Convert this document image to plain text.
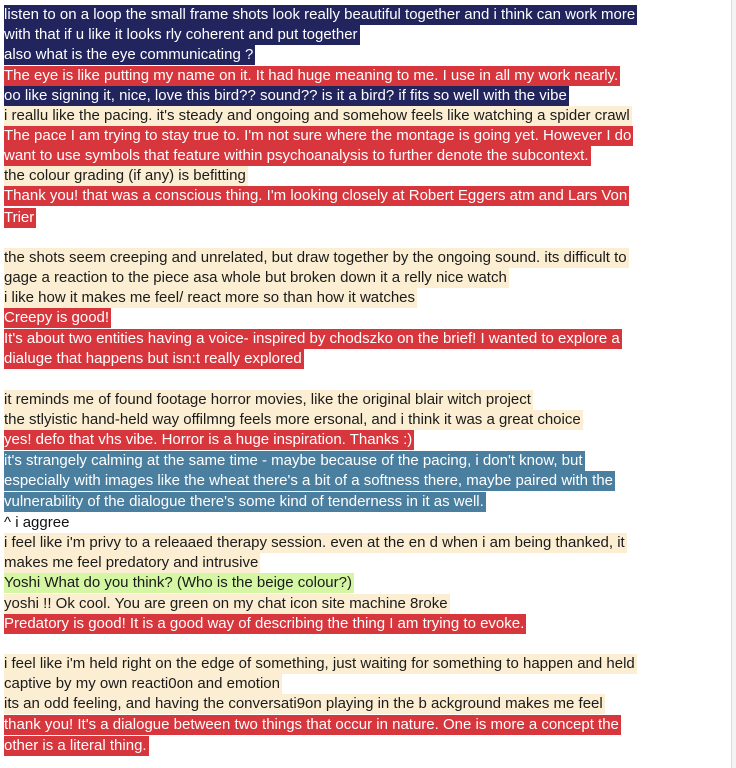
listen to on a loop the small frame shots look really beautiful together and i think can work more
with that if u like it looks rly coherent and put together
also what is the eye communicating ?
The eye is like putting my name on it. It had huge meaning to me. I use in all my work nearly.
oo like signing it, nice, love this bird?? sound?? is it a bird? if fits so well with the vibe
i reallu like the pacing. it's steady and ongoing and somehow feels like watching a spider crawl
The pace I am trying to stay true to. I'm not sure where the montage is going yet. However I do
want to use symbols that feature within psychoanalysis to further denote the subcontext.
the colour grading (if any) is befitting
Thank you! that was a conscious thing. I'm looking closely at Robert Eggers atm and Lars Von
Trier
the shots seem creeping and unrelated, but draw together by the ongoing sound. its difficult to
gage a reaction to the piece asa whole but broken down it a relly nice watch
i like how it makes me feel/ react more so than how it watches
Creepy is good!
It's about two entities having a voice- inspired by chodszko on the brief! I wanted to explore a
dialuge that happens but isn:t really explored
it reminds me of found footage horror movies, like the original blair witch project
the stlyistic hand-held way offilmng feels more ersonal, and i think it was a great choice
yes! defo that vhs vibe. Horror is a huge inspiration. Thanks :)
it's strangely calming at the same time - maybe because of the pacing, i don't know, but
especially with images like the wheat there's a bit of a softness there, maybe paired with the
vulnerability of the dialogue there's some kind of tenderness in it as well.
^ i aggree
i feel like i'm privy to a releaaed therapy session. even at the en d when i am being thanked, it
makes me feel predatory and intrusive
Yoshi What do you think? (Who is the beige colour?)
yoshi !! Ok cool. You are green on my chat icon site machine 8roke
Predatory is good! It is a good way of describing the thing I am trying to evoke.
i feel like i'm held right on the edge of something, just waiting for something to happen and held
captive by my own reacti0on and emotion
its an odd feeling, and having the conversati9on playing in the b ackground makes me feel
thank you! It's a dialogue between two things that occur in nature. One is more a concept the
other is a literal thing.
